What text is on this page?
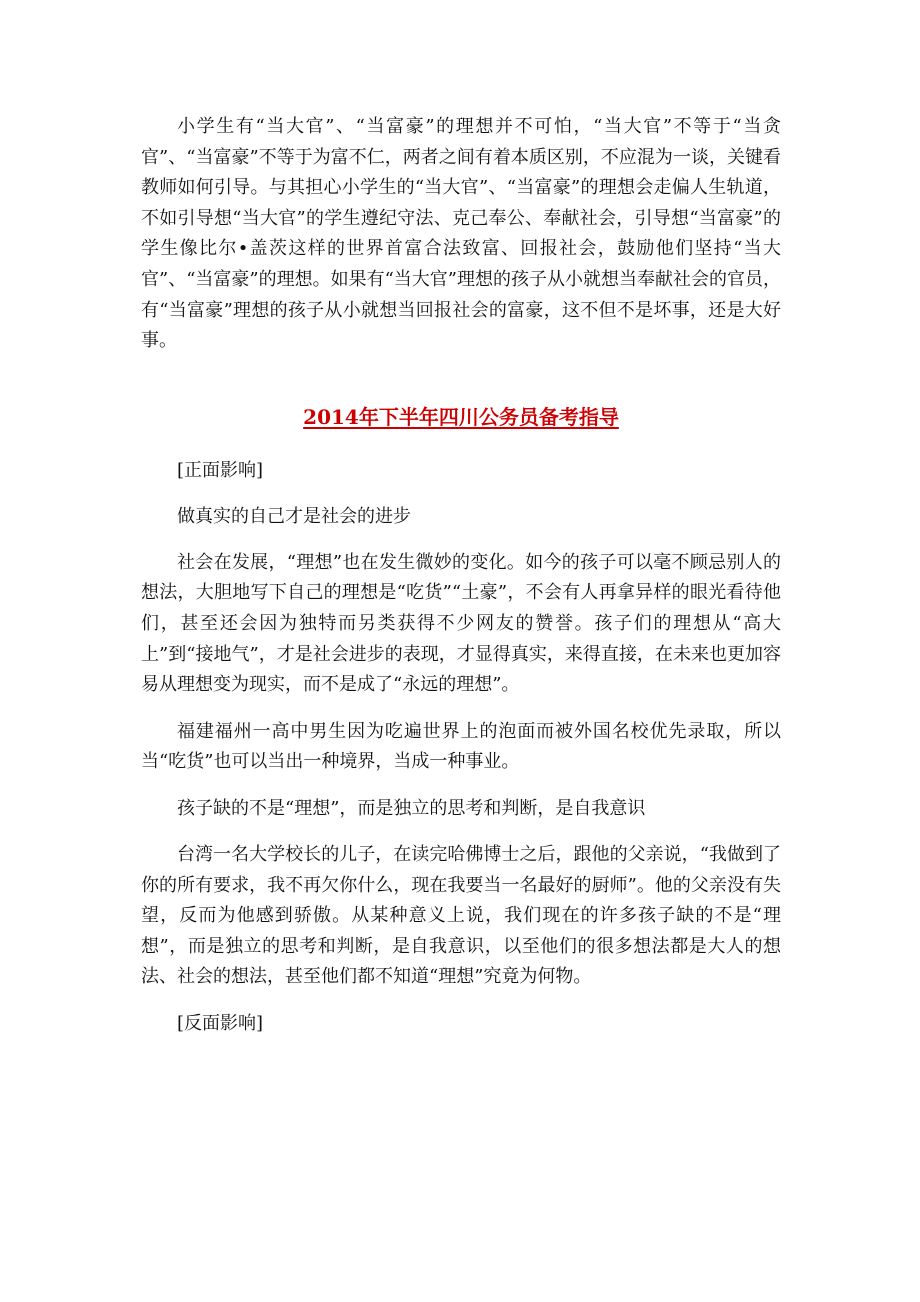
小学生有“当大官”、“当富豪”的理想并不可怕，“当大官”不等于“当贪官”、“当富豪”不等于为富不仁，两者之间有着本质区别，不应混为一谈，关键看教师如何引导。与其担心小学生的“当大官”、“当富豪”的理想会走偏人生轨道，不如引导想“当大官”的学生遵纪守法、克己奉公、奉献社会，引导想“当富豪”的学生像比尔•盖茨这样的世界首富合法致富、回报社会，鼓励他们坚持“当大官”、“当富豪”的理想。如果有“当大官”理想的孩子从小就想当奉献社会的官员，有“当富豪”理想的孩子从小就想当回报社会的富豪，这不但不是坏事，还是大好事。

2014年下半年四川公务员备考指导

[正面影响]

做真实的自己才是社会的进步

社会在发展，“理想”也在发生微妙的变化。如今的孩子可以毫不顾忌别人的想法，大胆地写下自己的理想是“吃货”“土豪”，不会有人再拿异样的眼光看待他们，甚至还会因为独特而另类获得不少网友的赞誉。孩子们的理想从“高大上”到“接地气”，才是社会进步的表现，才显得真实，来得直接，在未来也更加容易从理想变为现实，而不是成了“永远的理想”。

福建福州一高中男生因为吃遍世界上的泡面而被外国名校优先录取，所以当“吃货”也可以当出一种境界，当成一种事业。

孩子缺的不是“理想”，而是独立的思考和判断，是自我意识

台湾一名大学校长的儿子，在读完哈佛博士之后，跟他的父亲说，“我做到了你的所有要求，我不再欠你什么，现在我要当一名最好的厨师”。他的父亲没有失望，反而为他感到骄傲。从某种意义上说，我们现在的许多孩子缺的不是“理想”，而是独立的思考和判断，是自我意识，以至他们的很多想法都是大人的想法、社会的想法，甚至他们都不知道“理想”究竟为何物。

[反面影响]
